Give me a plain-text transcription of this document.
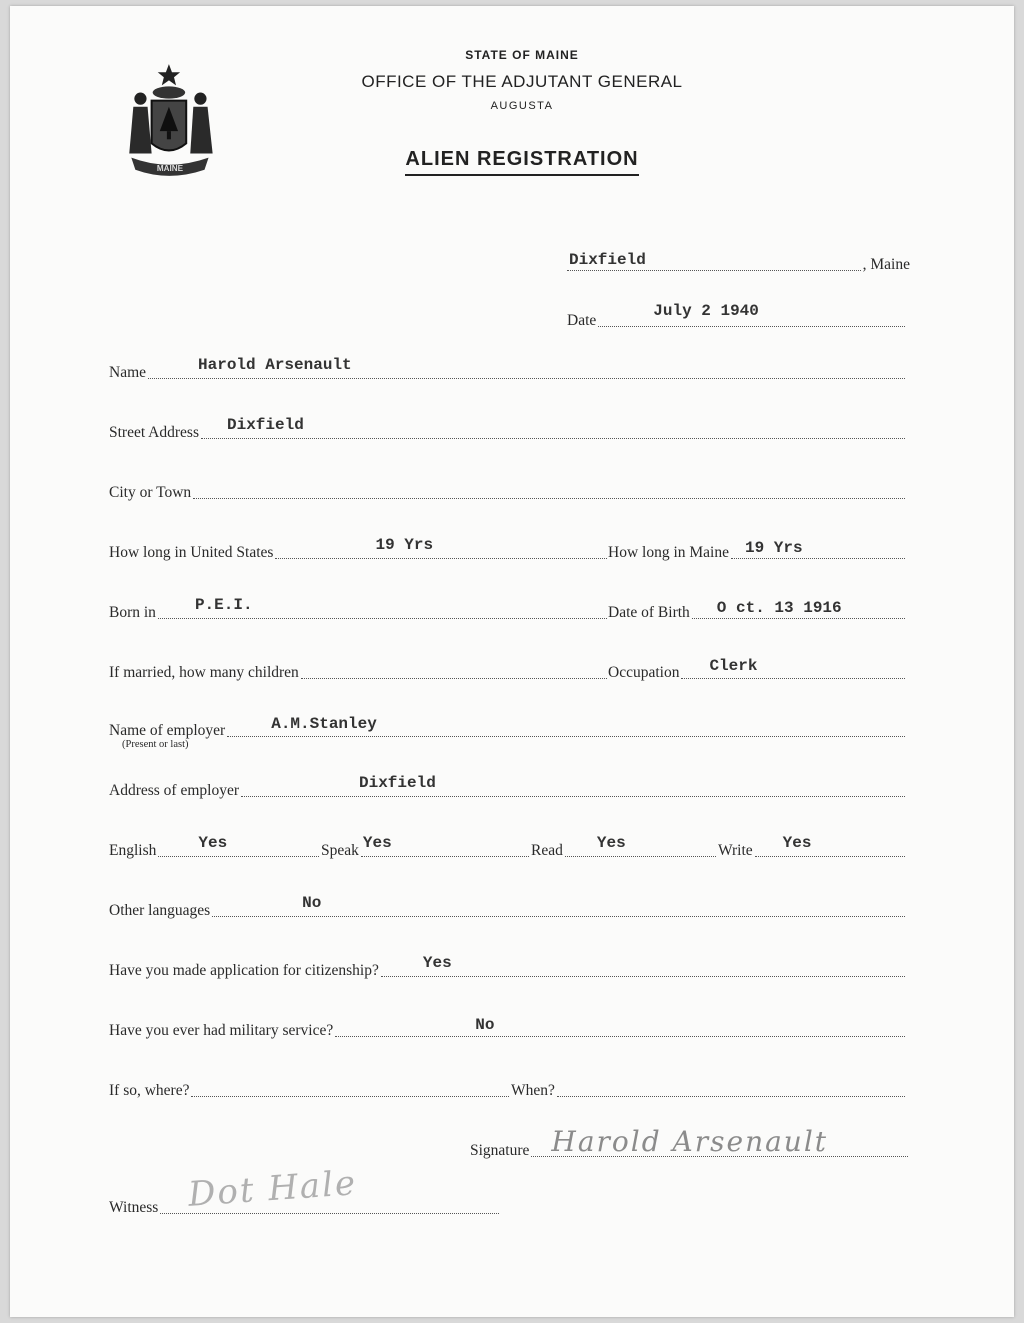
MAINE
STATE OF MAINE
OFFICE OF THE ADJUTANT GENERAL
AUGUSTA
ALIEN REGISTRATION
Dixfield	, Maine
Date
July 2 1940
Name	Harold Arsenault
Street Address Dixfield
City or Town
How long in United States	19 Yrs	How long in Maine 19 Yrs
Born in P.E.I.	Date of Birth O ct. 13 1916
If married, how many children	Occupation Clerk
Name of employer	A.M.Stanley
(Present or last)
Address of employer	Dixfield
English	Yes	Speak Yes	Read Yes	Write Yes
Other languages	No
Have you made application for citizenship?	Yes
Have you ever had military service?	No
If so, where?	When?
Signature Harold Arsenault
Witness Dot Hale
